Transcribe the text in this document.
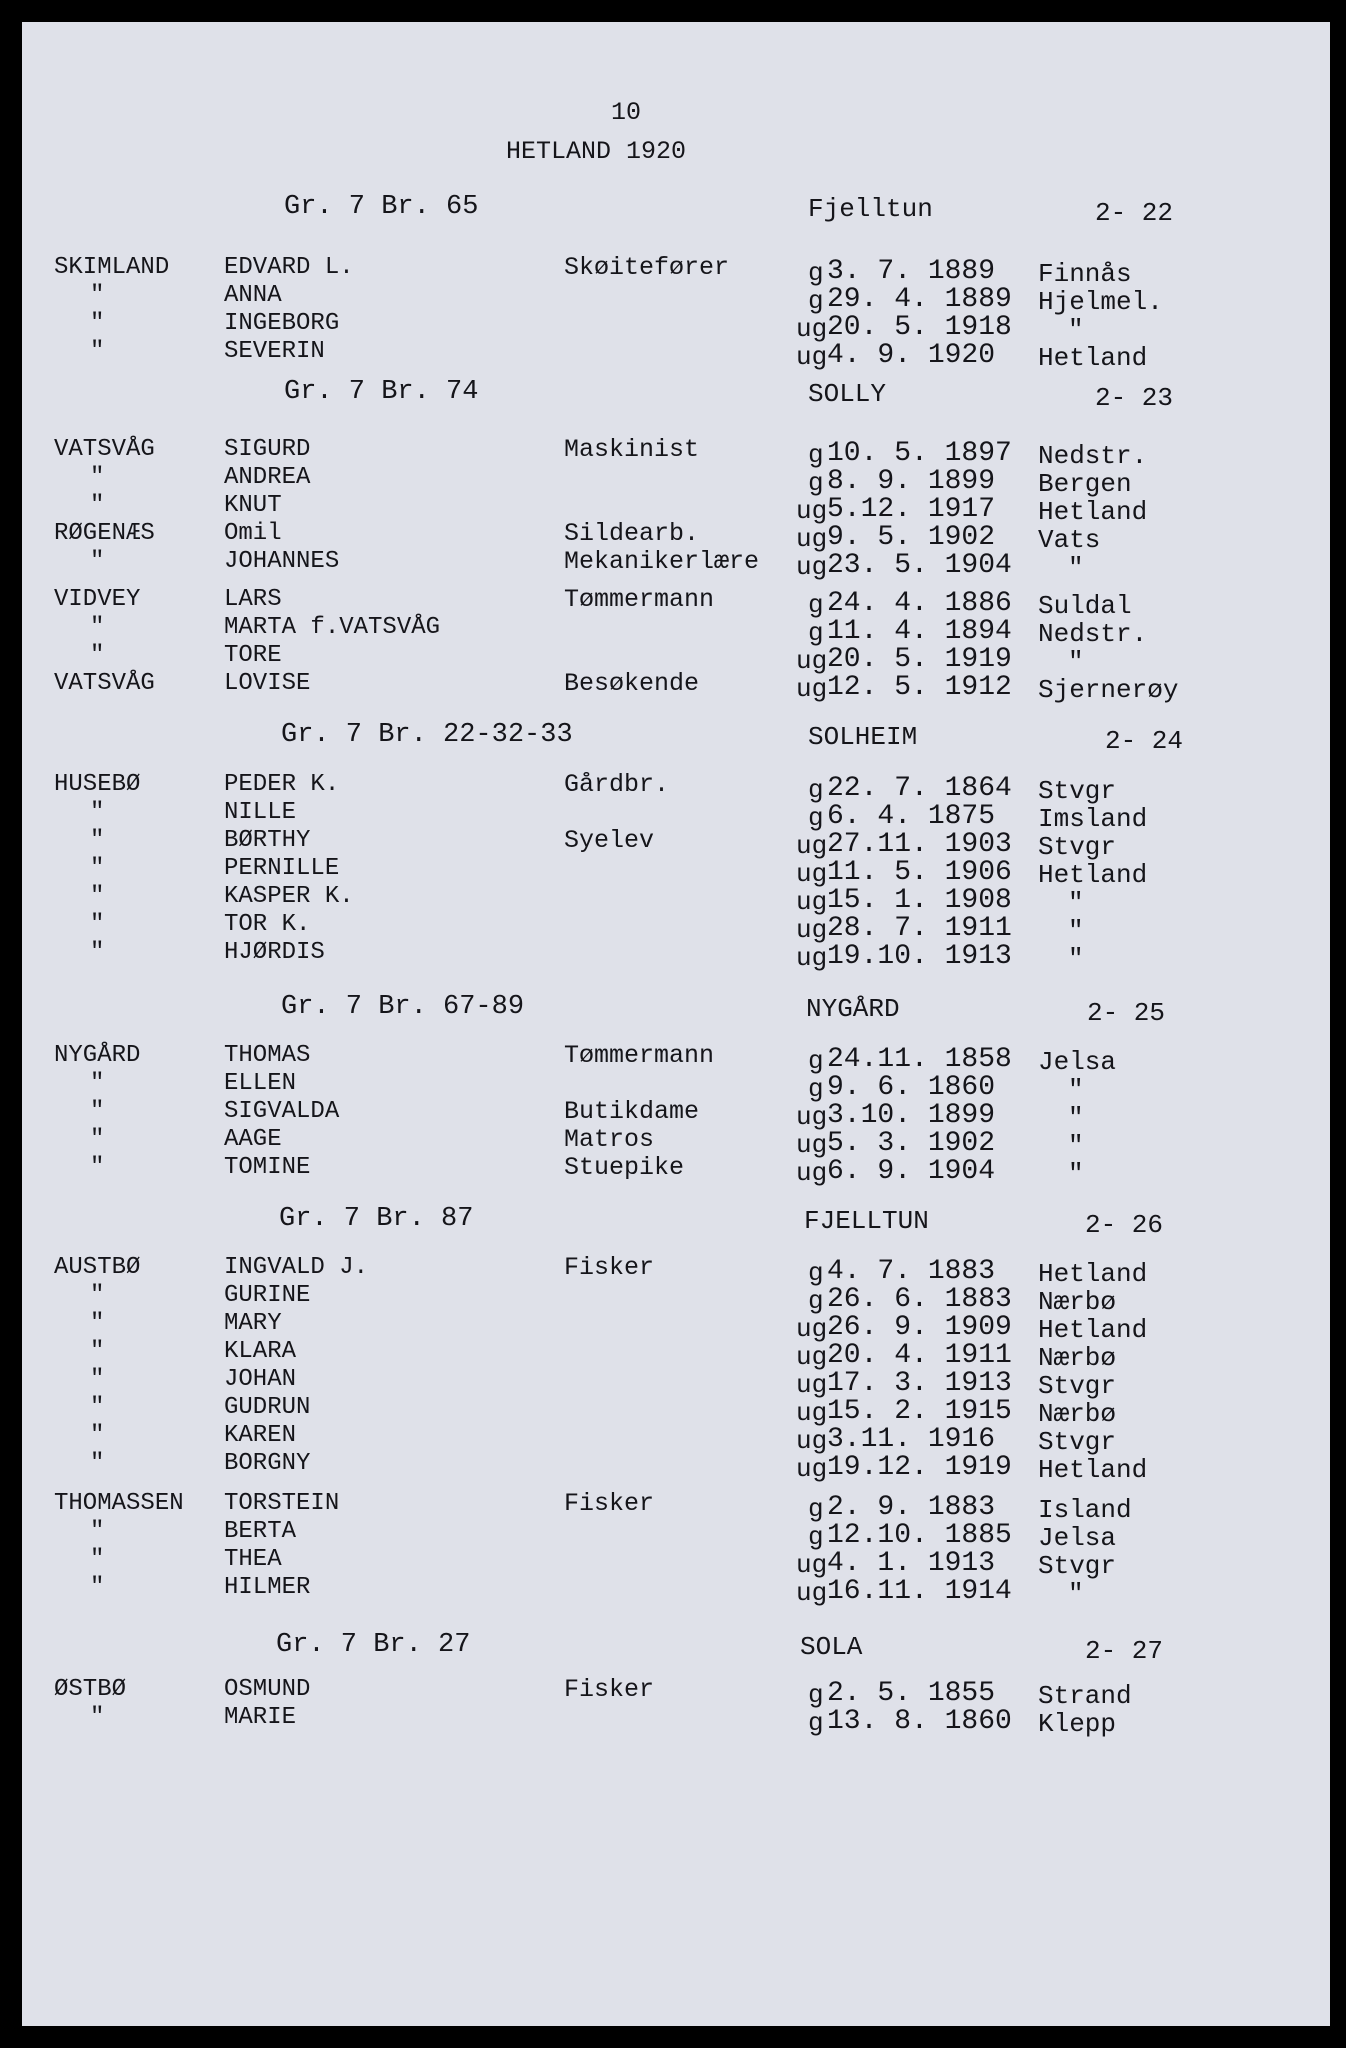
10
HETLAND 1920
Gr. 7 Br. 65	Fjelltun	2- 22
SKIMLAND EDVARD L.	Skøitefører	g 3. 7. 1889 Finnås
"	ANNA	g 29. 4. 1889 Hjelmel.
"	INGEBORG	ug 20. 5. 1918 "
"	SEVERIN	ug 4. 9. 1920 Hetland
Gr. 7 Br. 74	SOLLY	2- 23
VATSVÅG	SIGURD	Maskinist	g 10. 5. 1897 Nedstr.
"	ANDREA	g 8. 9. 1899 Bergen
"	KNUT	ug 5.12. 1917 Hetland
RØGENÆS	Omil	Sildearb.	ug 9. 5. 1902 Vats
"	JOHANNES	Mekanikerlære ug 23. 5. 1904 "
VIDVEY	LARS	Tømmermann	g 24. 4. 1886 Suldal
"	MARTA f.VATSVÅG	g 11. 4. 1894 Nedstr.
"	TORE	ug 20. 5. 1919 "
VATSVÅG	LOVISE	Besøkende	ug 12. 5. 1912 Sjernerøy
Gr. 7 Br. 22-32-33	SOLHEIM	2- 24
HUSEBØ	PEDER K.	Gårdbr.	g 22. 7. 1864 Stvgr
"	NILLE	g 6. 4. 1875 Imsland
"	BØRTHY	Syelev	ug 27.11. 1903 Stvgr
"	PERNILLE	ug 11. 5. 1906 Hetland
"	KASPER K.	ug 15. 1. 1908 "
"	TOR K.	ug 28. 7. 1911 "
"	HJØRDIS	ug 19.10. 1913 "
Gr. 7 Br. 67-89	NYGÅRD	2- 25
NYGÅRD	THOMAS	Tømmermann	g 24.11. 1858 Jelsa
"	ELLEN	g 9. 6. 1860	"
"	SIGVALDA	Butikdame	ug 3.10. 1899	"
"	AAGE	Matros	ug 5. 3. 1902	"
"	TOMINE	Stuepike	ug 6. 9. 1904	"
Gr. 7 Br. 87	FJELLTUN	2- 26
AUSTBØ	INGVALD J.	Fisker	g 4. 7. 1883 Hetland
"	GURINE	g 26. 6. 1883 Nærbø
"	MARY	ug 26. 9. 1909 Hetland
"	KLARA	ug 20. 4. 1911 Nærbø
"	JOHAN	ug 17. 3. 1913 Stvgr
"	GUDRUN	ug 15. 2. 1915 Nærbø
"	KAREN	ug 3.11. 1916 Stvgr
"	BORGNY	ug 19.12. 1919 Hetland
THOMASSEN TORSTEIN	Fisker	g 2. 9. 1883 Island
"	BERTA	g 12.10. 1885 Jelsa
"	THEA	ug 4. 1. 1913 Stvgr
"	HILMER	ug 16.11. 1914 "
Gr. 7 Br. 27	SOLA	2- 27
ØSTBØ	OSMUND	Fisker	g 2. 5. 1855 Strand
"	MARIE	g 13. 8. 1860 Klepp
